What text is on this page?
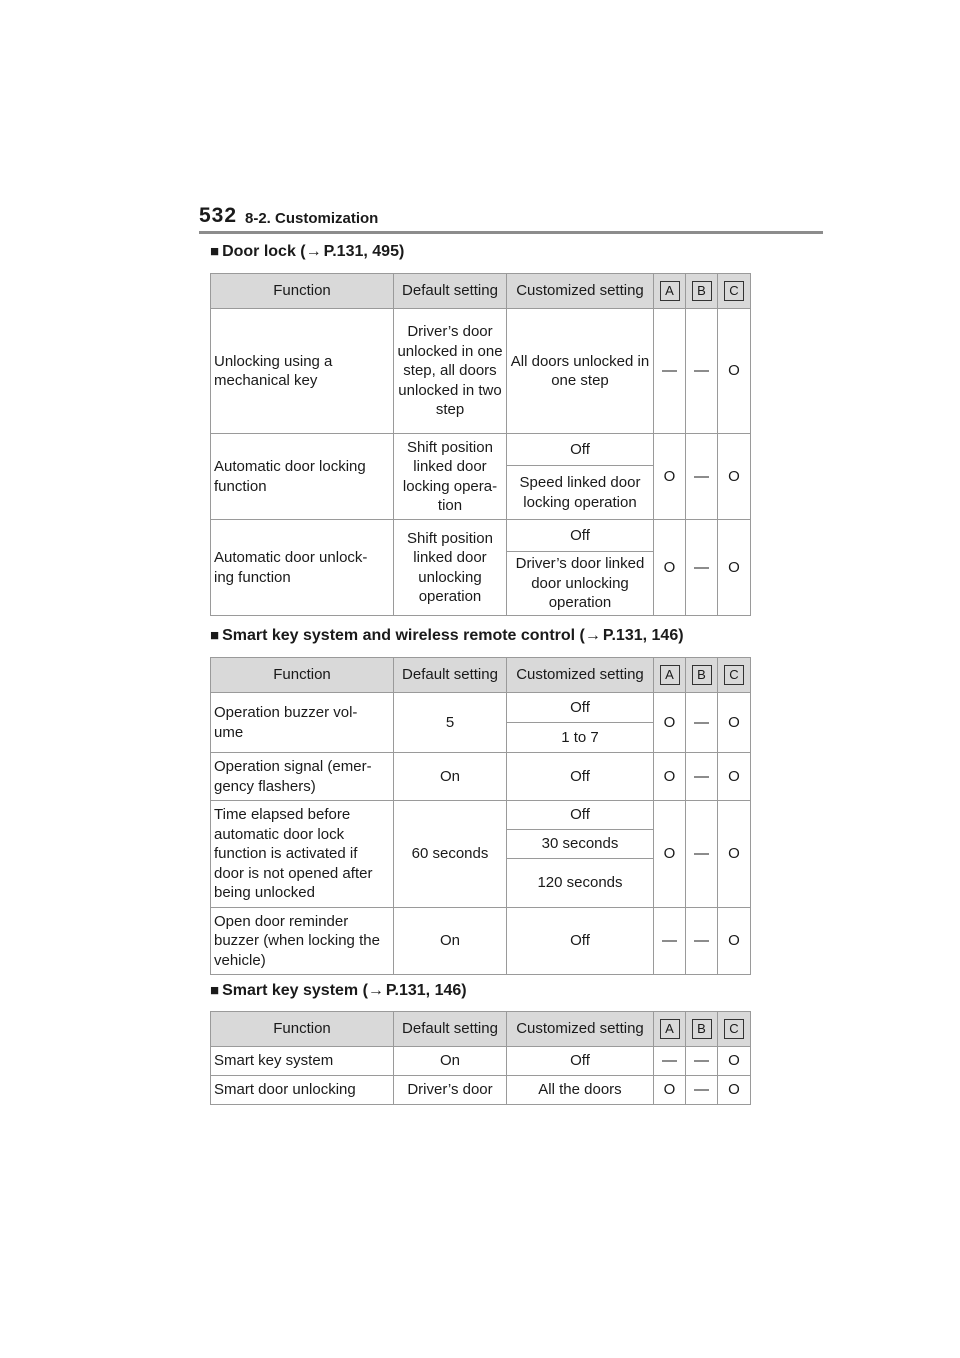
532 8-2. Customization
■ Door lock (→ P.131, 495)
Function	Default setting	Customized setting	A	B	C
Unlocking using a mechanical key	Driver’s door unlocked in one step, all doors unlocked in two step	All doors unlocked in one step	—	—	O
Automatic door locking function	Shift position linked door locking opera- tion	Off	O	—	O
		Speed linked door locking operation			
Automatic door unlock- ing function	Shift position linked door unlocking operation	Off	O	—	O
		Driver’s door linked door unlocking operation			
■ Smart key system and wireless remote control (→ P.131, 146)
Function	Default setting	Customized setting	A	B	C
Operation buzzer vol- ume	5	Off	O	—	O
		1 to 7			
Operation signal (emer- gency flashers)	On	Off	O	—	O
Time elapsed before automatic door lock function is activated if door is not opened after being unlocked	60 seconds	Off	O	—	O
		30 seconds			
		120 seconds			
Open door reminder buzzer (when locking the vehicle)	On	Off	—	—	O
■ Smart key system (→ P.131, 146)
Function	Default setting	Customized setting	A	B	C
Smart key system	On	Off	—	—	O
Smart door unlocking	Driver’s door	All the doors	O	—	O
